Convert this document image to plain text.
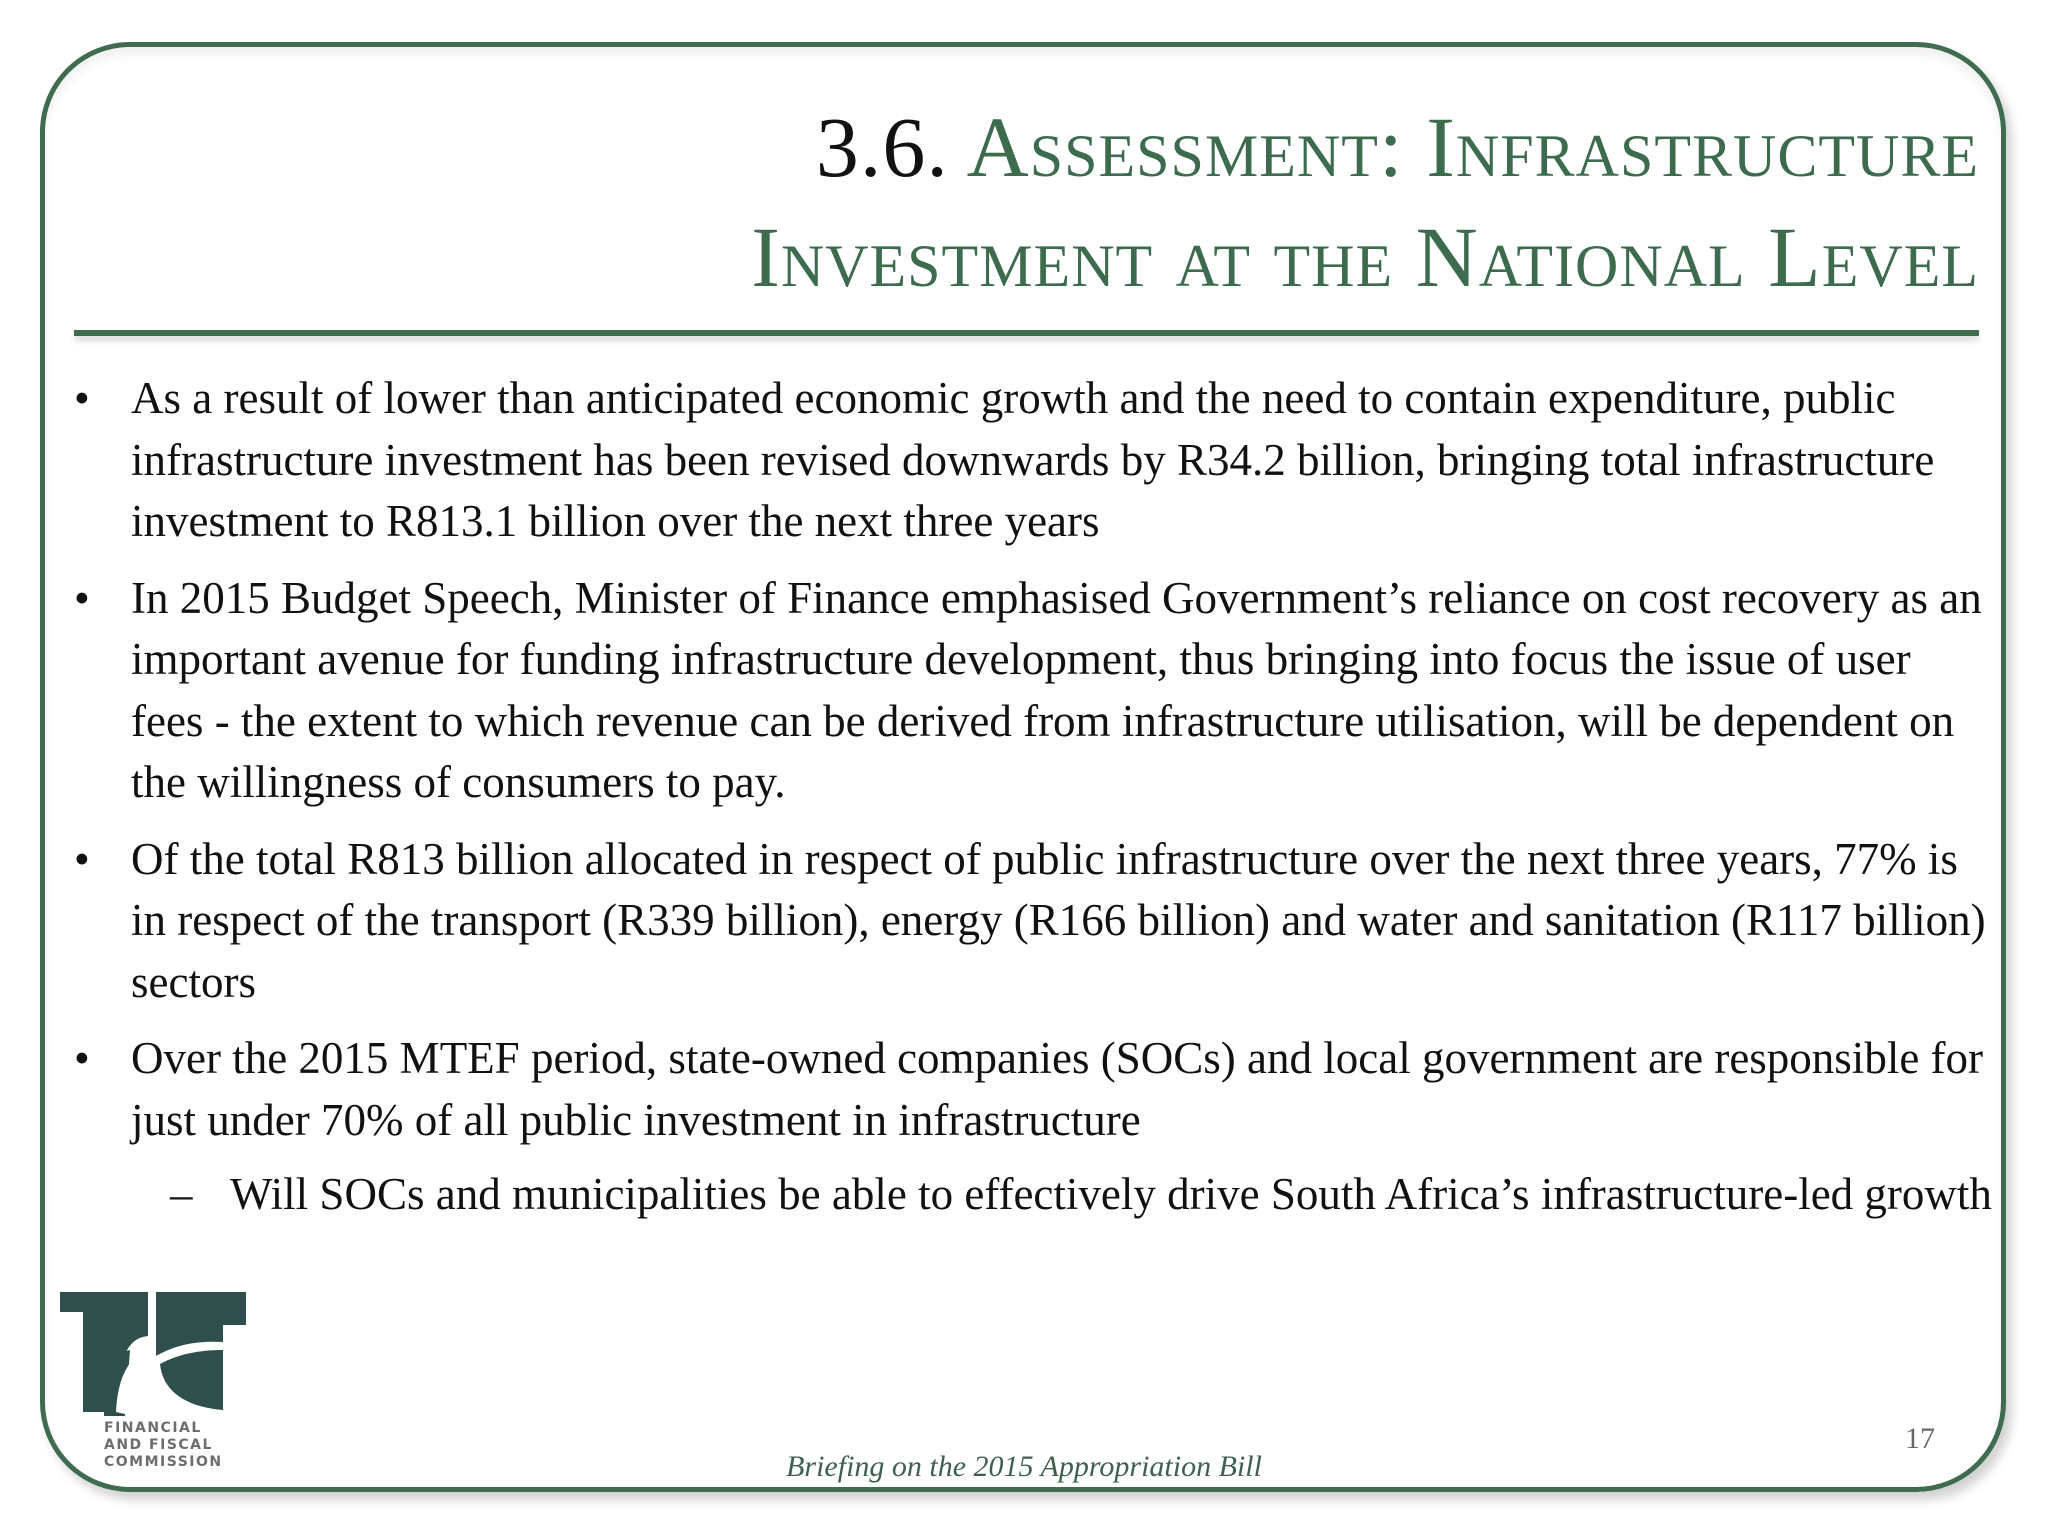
3.6. Assessment: Infrastructure
Investment at the National Level
• As a result of lower than anticipated economic growth and the need to contain expenditure, public infrastructure investment has been revised downwards by R34.2 billion, bringing total infrastructure investment to R813.1 billion over the next three years
• In 2015 Budget Speech, Minister of Finance emphasised Government’s reliance on cost recovery as an important avenue for funding infrastructure development, thus bringing into focus the issue of user fees - the extent to which revenue can be derived from infrastructure utilisation, will be dependent on the willingness of consumers to pay.
• Of the total R813 billion allocated in respect of public infrastructure over the next three years, 77% is in respect of the transport (R339 billion), energy (R166 billion) and water and sanitation (R117 billion) sectors
• Over the 2015 MTEF period, state-owned companies (SOCs) and local government are responsible for just under 70% of all public investment in infrastructure
– Will SOCs and municipalities be able to effectively drive South Africa’s infrastructure-led growth
FINANCIAL
AND FISCAL
COMMISSION	Briefing on the 2015 Appropriation Bill
17
